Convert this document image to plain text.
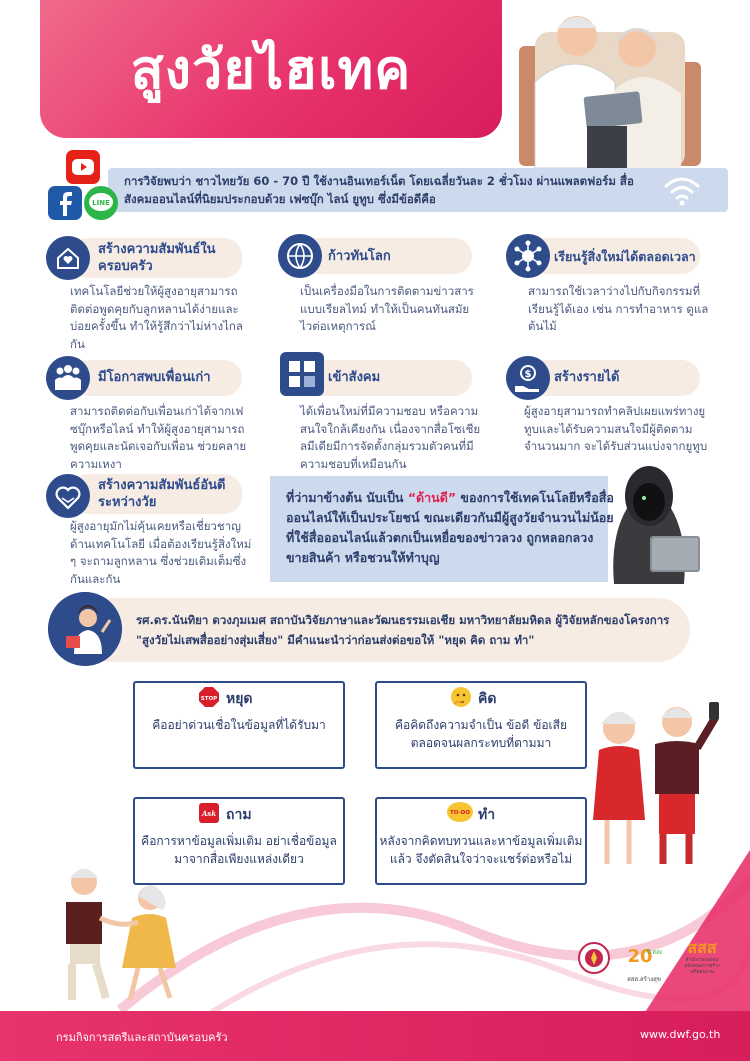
สูงวัยไฮเทค
LINE
การวิจัยพบว่า ชาวไทยวัย 60 - 70 ปี ใช้งานอินเทอร์เน็ต โดยเฉลี่ยวันละ 2 ชั่วโมง ผ่านแพลตฟอร์ม สื่อสังคมออนไลน์ที่นิยมประกอบด้วย เฟซบุ๊ก ไลน์ ยูทูบ ซึ่งมีข้อดีคือ
สร้างความสัมพันธ์ในครอบครัว
เทคโนโลยีช่วยให้ผู้สูงอายุสามารถติดต่อพูดคุยกับลูกหลานได้ง่ายและบ่อยครั้งขึ้น ทำให้รู้สึกว่าไม่ห่างไกลกัน
ก้าวทันโลก
เป็นเครื่องมือในการติดตามข่าวสารแบบเรียลไทม์ ทำให้เป็นคนทันสมัย ไวต่อเหตุการณ์
เรียนรู้สิ่งใหม่ได้ตลอดเวลา
สามารถใช้เวลาว่างไปกับกิจกรรมที่เรียนรู้ได้เอง เช่น การทำอาหาร ดูแลต้นไม้
มีโอกาสพบเพื่อนเก่า
สามารถติดต่อกับเพื่อนเก่าได้จากเฟซบุ๊กหรือไลน์ ทำให้ผู้สูงอายุสามารถพูดคุยและนัดเจอกับเพื่อน ช่วยคลายความเหงา
เข้าสังคม
ได้เพื่อนใหม่ที่มีความชอบ หรือความสนใจใกล้เคียงกัน เนื่องจากสื่อโซเชียลมีเดียมีการจัดตั้งกลุ่มรวมตัวคนที่มีความชอบที่เหมือนกัน
$ สร้างรายได้
ผู้สูงอายุสามารถทำคลิปเผยแพร่ทางยูทูบและได้รับความสนใจมีผู้ติดตามจำนวนมาก จะได้รับส่วนแบ่งจากยูทูบ
สร้างความสัมพันธ์อันดีระหว่างวัย
ผู้สูงอายุมักไม่คุ้นเคยหรือเชี่ยวชาญด้านเทคโนโลยี เมื่อต้องเรียนรู้สิ่งใหม่ ๆ จะถามลูกหลาน ซึ่งช่วยเติมเต็มซึ่งกันและกัน
ที่ว่ามาข้างต้น นับเป็น “ด้านดี” ของการใช้เทคโนโลยีหรือสื่อออนไลน์ให้เป็นประโยชน์ ขณะเดียวกันมีผู้สูงวัยจำนวนไม่น้อยที่ใช้สื่อออนไลน์แล้วตกเป็นเหยื่อของข่าวลวง ถูกหลอกลวงขายสินค้า หรือชวนให้ทำบุญ
รศ.ดร.นันทิยา ดวงภุมเมศ สถาบันวิจัยภาษาและวัฒนธรรมเอเชีย มหาวิทยาลัยมหิดล ผู้วิจัยหลักของโครงการ "สูงวัยไม่เสพสื่ออย่างสุ่มเสี่ยง" มีคำแนะนำว่าก่อนส่งต่อขอให้ "หยุด คิด ถาม ทำ"
STOP หยุด
คืออย่าด่วนเชื่อในข้อมูลที่ได้รับมา
คิด
คือคิดถึงความจำเป็น ข้อดี ข้อเสีย ตลอดจนผลกระทบที่ตามมา
Ask ถาม
คือการหาข้อมูลเพิ่มเติม อย่าเชื่อข้อมูลมาจากสื่อเพียงแหล่งเดียว
TO-DO ทำ
หลังจากคิดทบทวนและหาข้อมูลเพิ่มเติมแล้ว จึงตัดสินใจว่าจะแชร์ต่อหรือไม่
20
ปี สสส
สสส.สร้างสุข
สสส
สำนักงานกองทุนสนับสนุนการสร้างเสริมสุขภาพ
กรมกิจการสตรีและสถาบันครอบครัว	www.dwf.go.th
